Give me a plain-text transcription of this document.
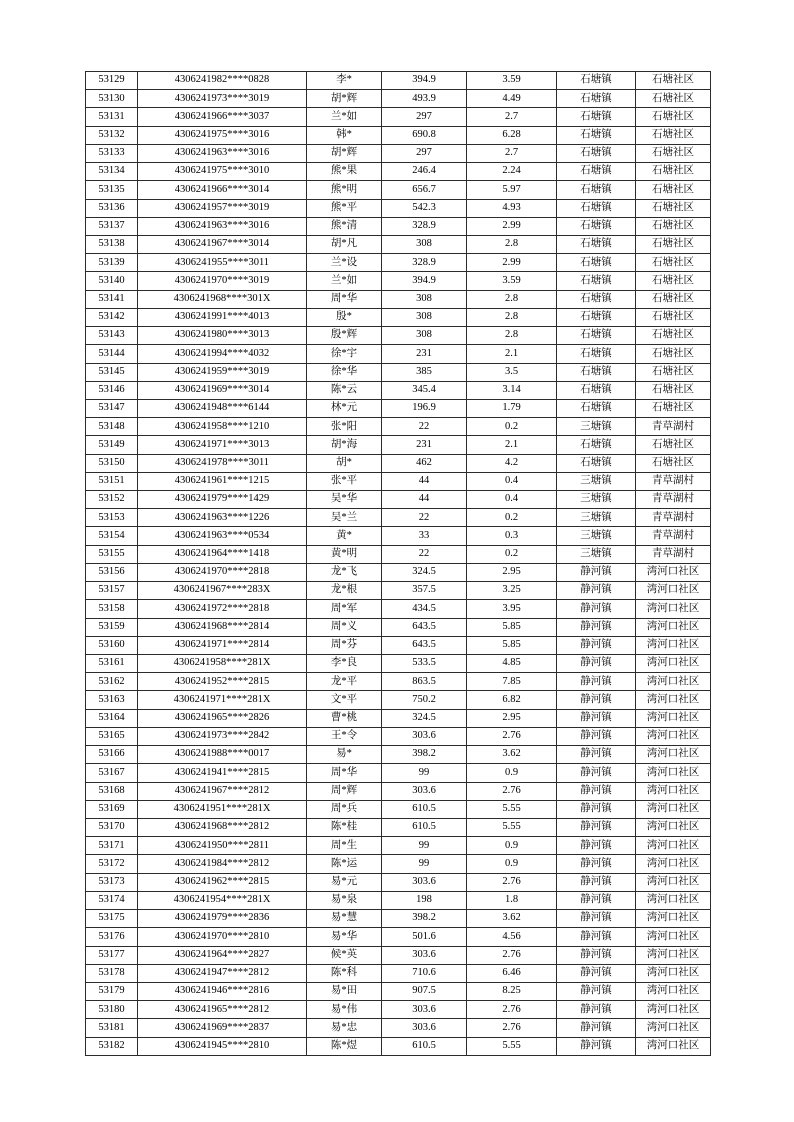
53129	4306241982****0828	李*	394.9	3.59	石塘镇	石塘社区
53130	4306241973****3019	胡*辉	493.9	4.49	石塘镇	石塘社区
53131	4306241966****3037	兰*如	297	2.7	石塘镇	石塘社区
53132	4306241975****3016	韩*	690.8	6.28	石塘镇	石塘社区
53133	4306241963****3016	胡*辉	297	2.7	石塘镇	石塘社区
53134	4306241975****3010	熊*果	246.4	2.24	石塘镇	石塘社区
53135	4306241966****3014	熊*明	656.7	5.97	石塘镇	石塘社区
53136	4306241957****3019	熊*平	542.3	4.93	石塘镇	石塘社区
53137	4306241963****3016	熊*清	328.9	2.99	石塘镇	石塘社区
53138	4306241967****3014	胡*凡	308	2.8	石塘镇	石塘社区
53139	4306241955****3011	兰*设	328.9	2.99	石塘镇	石塘社区
53140	4306241970****3019	兰*如	394.9	3.59	石塘镇	石塘社区
53141	4306241968****301X	周*华	308	2.8	石塘镇	石塘社区
53142	4306241991****4013	殷*	308	2.8	石塘镇	石塘社区
53143	4306241980****3013	殷*辉	308	2.8	石塘镇	石塘社区
53144	4306241994****4032	徐*宇	231	2.1	石塘镇	石塘社区
53145	4306241959****3019	徐*华	385	3.5	石塘镇	石塘社区
53146	4306241969****3014	陈*云	345.4	3.14	石塘镇	石塘社区
53147	4306241948****6144	林*元	196.9	1.79	石塘镇	石塘社区
53148	4306241958****1210	张*阳	22	0.2	三塘镇	青草湖村
53149	4306241971****3013	胡*海	231	2.1	石塘镇	石塘社区
53150	4306241978****3011	胡*	462	4.2	石塘镇	石塘社区
53151	4306241961****1215	张*平	44	0.4	三塘镇	青草湖村
53152	4306241979****1429	吴*华	44	0.4	三塘镇	青草湖村
53153	4306241963****1226	吴*兰	22	0.2	三塘镇	青草湖村
53154	4306241963****0534	黄*	33	0.3	三塘镇	青草湖村
53155	4306241964****1418	黄*明	22	0.2	三塘镇	青草湖村
53156	4306241970****2818	龙*飞	324.5	2.95	静河镇	湾河口社区
53157	4306241967****283X	龙*根	357.5	3.25	静河镇	湾河口社区
53158	4306241972****2818	周*军	434.5	3.95	静河镇	湾河口社区
53159	4306241968****2814	周*义	643.5	5.85	静河镇	湾河口社区
53160	4306241971****2814	周*芬	643.5	5.85	静河镇	湾河口社区
53161	4306241958****281X	李*良	533.5	4.85	静河镇	湾河口社区
53162	4306241952****2815	龙*平	863.5	7.85	静河镇	湾河口社区
53163	4306241971****281X	文*平	750.2	6.82	静河镇	湾河口社区
53164	4306241965****2826	曹*桃	324.5	2.95	静河镇	湾河口社区
53165	4306241973****2842	王*令	303.6	2.76	静河镇	湾河口社区
53166	4306241988****0017	易*	398.2	3.62	静河镇	湾河口社区
53167	4306241941****2815	周*华	99	0.9	静河镇	湾河口社区
53168	4306241967****2812	周*辉	303.6	2.76	静河镇	湾河口社区
53169	4306241951****281X	周*兵	610.5	5.55	静河镇	湾河口社区
53170	4306241968****2812	陈*桂	610.5	5.55	静河镇	湾河口社区
53171	4306241950****2811	周*生	99	0.9	静河镇	湾河口社区
53172	4306241984****2812	陈*运	99	0.9	静河镇	湾河口社区
53173	4306241962****2815	易*元	303.6	2.76	静河镇	湾河口社区
53174	4306241954****281X	易*泉	198	1.8	静河镇	湾河口社区
53175	4306241979****2836	易*慧	398.2	3.62	静河镇	湾河口社区
53176	4306241970****2810	易*华	501.6	4.56	静河镇	湾河口社区
53177	4306241964****2827	候*英	303.6	2.76	静河镇	湾河口社区
53178	4306241947****2812	陈*科	710.6	6.46	静河镇	湾河口社区
53179	4306241946****2816	易*田	907.5	8.25	静河镇	湾河口社区
53180	4306241965****2812	易*伟	303.6	2.76	静河镇	湾河口社区
53181	4306241969****2837	易*忠	303.6	2.76	静河镇	湾河口社区
53182	4306241945****2810	陈*煜	610.5	5.55	静河镇	湾河口社区
